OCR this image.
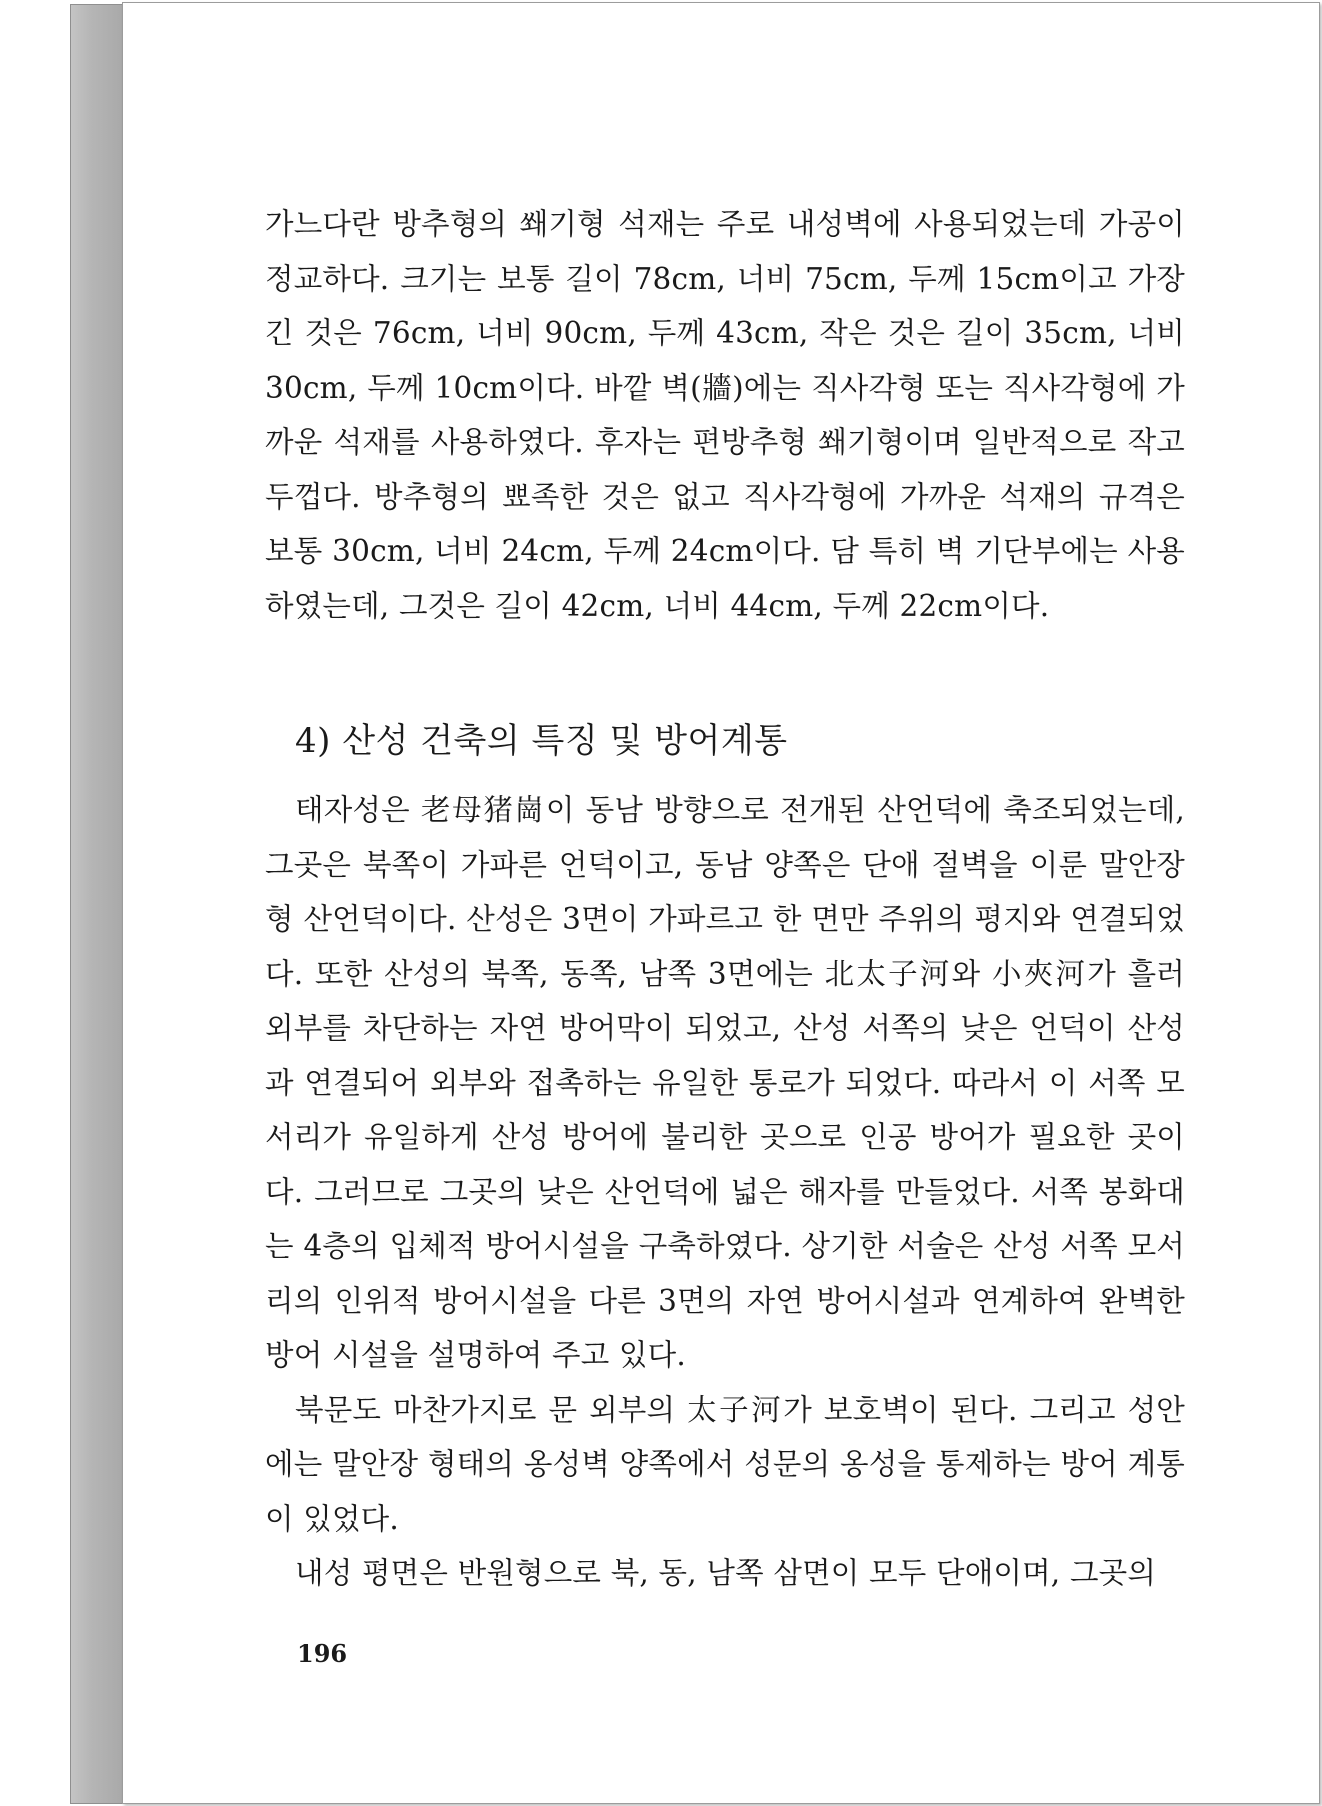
가느다란 방추형의 쐐기형 석재는 주로 내성벽에 사용되었는데 가공이 정교하다. 크기는 보통 길이 78cm, 너비 75cm, 두께 15cm이고 가장 긴 것은 76cm, 너비 90cm, 두께 43cm, 작은 것은 길이 35cm, 너비 30cm, 두께 10cm이다. 바깥 벽(牆)에는 직사각형 또는 직사각형에 가까운 석재를 사용하였다. 후자는 편방추형 쐐기형이며 일반적으로 작고 두껍다. 방추형의 뾰족한 것은 없고 직사각형에 가까운 석재의 규격은 보통 30cm, 너비 24cm, 두께 24cm이다. 담 특히 벽 기단부에는 사용하였는데, 그것은 길이 42cm, 너비 44cm, 두께 22cm이다.

4) 산성 건축의 특징 및 방어계통

태자성은 老母猪崗이 동남 방향으로 전개된 산언덕에 축조되었는데, 그곳은 북쪽이 가파른 언덕이고, 동남 양쪽은 단애 절벽을 이룬 말안장형 산언덕이다. 산성은 3면이 가파르고 한 면만 주위의 평지와 연결되었다. 또한 산성의 북쪽, 동쪽, 남쪽 3면에는 北太子河와 小夾河가 흘러 외부를 차단하는 자연 방어막이 되었고, 산성 서쪽의 낮은 언덕이 산성과 연결되어 외부와 접촉하는 유일한 통로가 되었다. 따라서 이 서쪽 모서리가 유일하게 산성 방어에 불리한 곳으로 인공 방어가 필요한 곳이다. 그러므로 그곳의 낮은 산언덕에 넓은 해자를 만들었다. 서쪽 봉화대는 4층의 입체적 방어시설을 구축하였다. 상기한 서술은 산성 서쪽 모서리의 인위적 방어시설을 다른 3면의 자연 방어시설과 연계하여 완벽한 방어 시설을 설명하여 주고 있다.

북문도 마찬가지로 문 외부의 太子河가 보호벽이 된다. 그리고 성안에는 말안장 형태의 옹성벽 양쪽에서 성문의 옹성을 통제하는 방어 계통이 있었다.

내성 평면은 반원형으로 북, 동, 남쪽 삼면이 모두 단애이며, 그곳의

196
